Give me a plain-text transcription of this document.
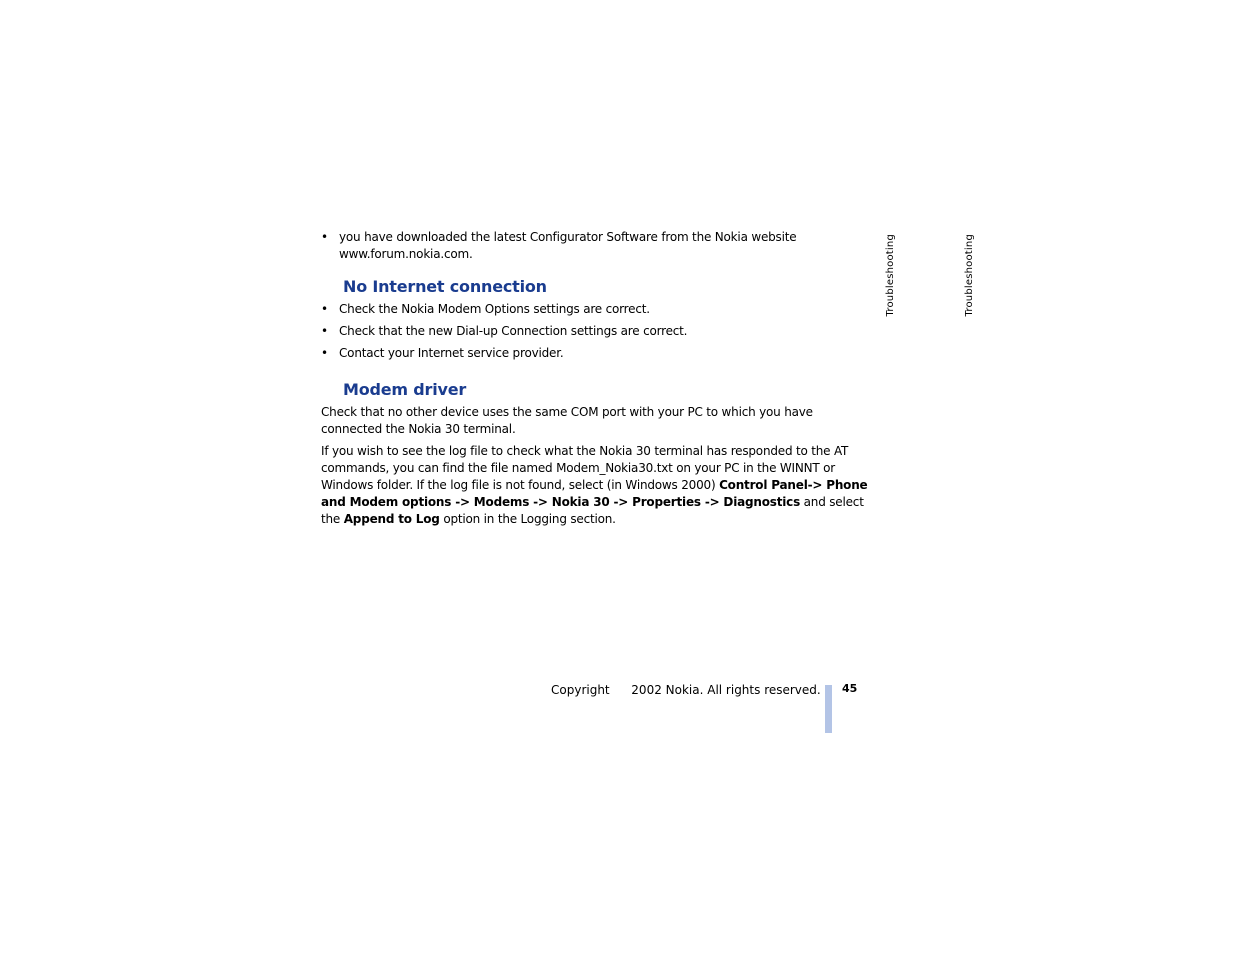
• you have downloaded the latest Configurator Software from the Nokia website
www.forum.nokia.com.
No Internet connection
• Check the Nokia Modem Options settings are correct.
• Check that the new Dial-up Connection settings are correct.
• Contact your Internet service provider.
Modem driver

Check that no other device uses the same COM port with your PC to which you have connected the Nokia 30 terminal.

If you wish to see the log file to check what the Nokia 30 terminal has responded to the AT commands, you can find the file named Modem_Nokia30.txt on your PC in the WINNT or Windows folder. If the log file is not found, select (in Windows 2000) Control Panel-> Phone and Modem options -> Modems -> Nokia 30 -> Properties -> Diagnostics and select the Append to Log option in the Logging section.

Troubleshooting	Troubleshooting
Copyright 2002 Nokia. All rights reserved. 45
